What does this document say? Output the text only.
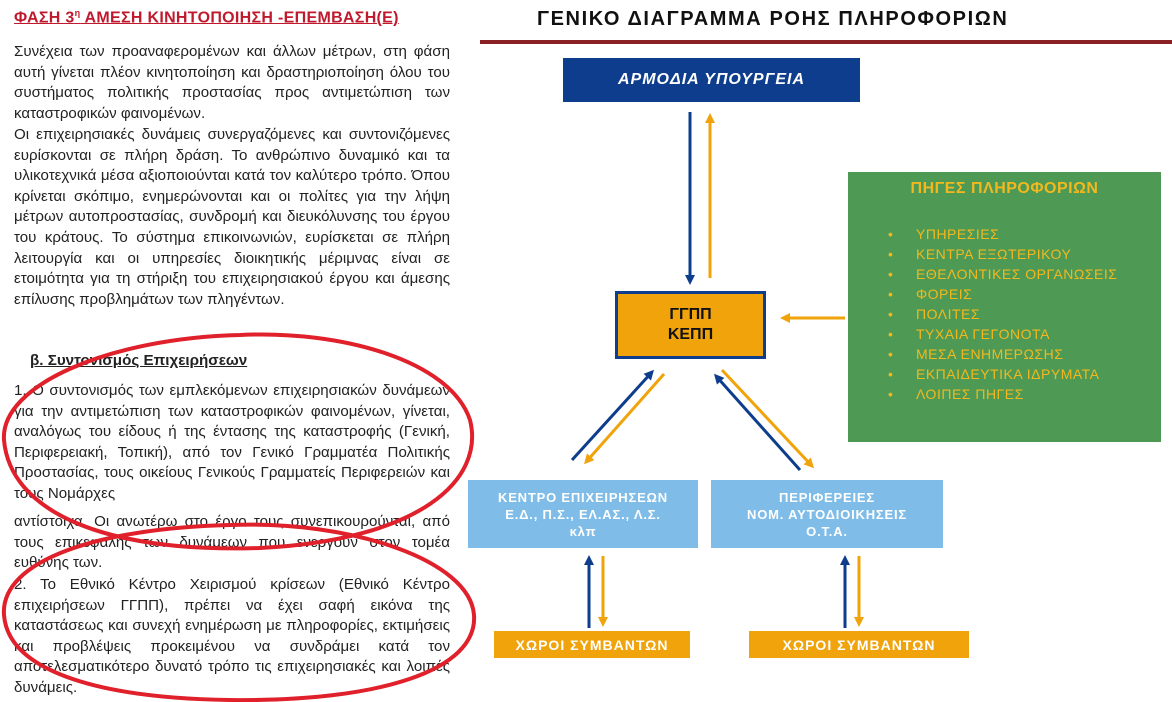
ΦΑΣΗ $3^\eta$ ΑΜΕΣΗ ΚΙΝΗΤΟΠΟΙΗΣΗ -ΕΠΕΜΒΑΣΗ(Ε)

Συνέχεια των προαναφερομένων και άλλων μέτρων, στη φάση αυτή γίνεται πλέον κινητοποίηση και δραστηριοποίηση όλου του συστήματος πολιτικής προστασίας προς αντιμετώπιση των καταστροφικών φαινομένων.

Οι επιχειρησιακές δυνάμεις συνεργαζόμενες και συντονιζόμενες ευρίσκονται σε πλήρη δράση. Το ανθρώπινο δυναμικό και τα υλικοτεχνικά μέσα αξιοποιούνται κατά τον καλύτερο τρόπο. Όπου κρίνεται σκόπιμο, ενημερώνονται και οι πολίτες για την λήψη μέτρων αυτοπροστασίας, συνδρομή και διευκόλυνσης του έργου του κράτους. Το σύστημα επικοινωνιών, ευρίσκεται σε πλήρη λειτουργία και οι υπηρεσίες διοικητικής μέριμνας είναι σε ετοιμότητα για τη στήριξη του επιχειρησιακού έργου και άμεσης επίλυσης προβλημάτων των πληγέντων.

β. Συντονισμός Επιχειρήσεων

1. Ο συντονισμός των εμπλεκόμενων επιχειρησιακών δυνάμεων για την αντιμετώπιση των καταστροφικών φαινομένων, γίνεται, αναλόγως του είδους ή της έντασης της καταστροφής (Γενική, Περιφερειακή, Τοπική), από τον Γενικό Γραμματέα Πολιτικής Προστασίας, τους οικείους Γενικούς Γραμματείς Περιφερειών και τους Νομάρχες

αντίστοιχα. Οι ανωτέρω στο έργο τους συνεπικουρούνται, από τους επικεφαλής των δυνάμεων που ενεργούν στον τομέα ευθύνης των.

2. Το Εθνικό Κέντρο Χειρισμού κρίσεων (Εθνικό Κέντρο επιχειρήσεων ΓΓΠΠ), πρέπει να έχει σαφή εικόνα της καταστάσεως και συνεχή ενημέρωση με πληροφορίες, εκτιμήσεις και προβλέψεις προκειμένου να συνδράμει κατά τον αποτελεσματικότερο δυνατό τρόπο τις επιχειρησιακές και λοιπές δυνάμεις.

ΓΕΝΙΚΟ ΔΙΑΓΡΑΜΜΑ ΡΟΗΣ ΠΛΗΡΟΦΟΡΙΩΝ
ΑΡΜΟΔΙΑ ΥΠΟΥΡΓΕΙΑ
ΓΓΠΠ
ΚΕΠΠ
ΠΗΓΕΣ ΠΛΗΡΟΦΟΡΙΩΝ
• ΥΠΗΡΕΣΙΕΣ
• ΚΕΝΤΡΑ ΕΞΩΤΕΡΙΚΟΥ
• ΕΘΕΛΟΝΤΙΚΕΣ ΟΡΓΑΝΩΣΕΙΣ
• ΦΟΡΕΙΣ
• ΠΟΛΙΤΕΣ
• ΤΥΧΑΙΑ ΓΕΓΟΝΟΤΑ
• ΜΕΣΑ ΕΝΗΜΕΡΩΣΗΣ
• ΕΚΠΑΙΔΕΥΤΙΚΑ ΙΔΡΥΜΑΤΑ
• ΛΟΙΠΕΣ ΠΗΓΕΣ
ΚΕΝΤΡΟ ΕΠΙΧΕΙΡΗΣΕΩΝ
Ε.Δ., Π.Σ., ΕΛ.ΑΣ., Λ.Σ.
κλπ
ΠΕΡΙΦΕΡΕΙΕΣ
ΝΟΜ. ΑΥΤΟΔΙΟΙΚΗΣΕΙΣ
Ο.Τ.Α.
ΧΩΡΟΙ ΣΥΜΒΑΝΤΩΝ	ΧΩΡΟΙ ΣΥΜΒΑΝΤΩΝ
